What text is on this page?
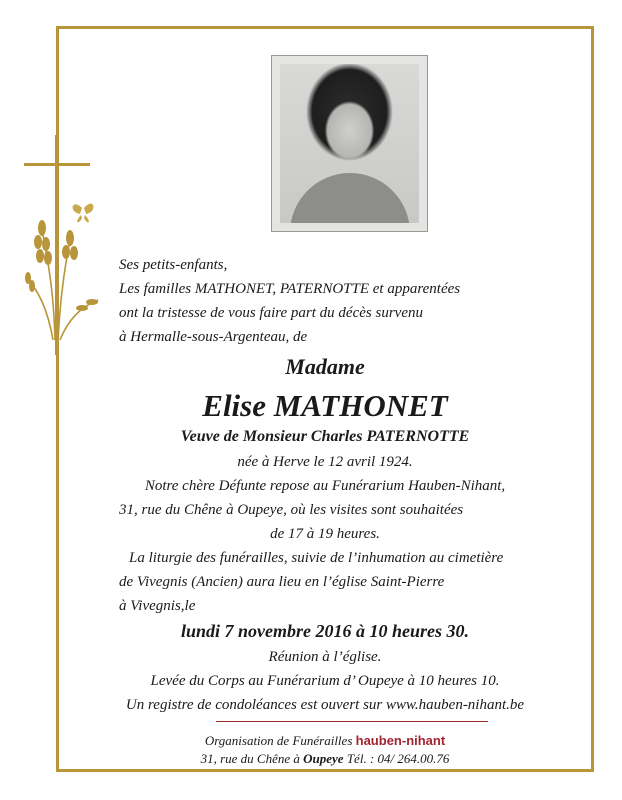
Ses petits-enfants,
Les familles MATHONET, PATERNOTTE et apparentées
ont la tristesse de vous faire part du décès survenu
à Hermalle-sous-Argenteau, de
Madame
Elise MATHONET
Veuve de Monsieur Charles PATERNOTTE
née à Herve le 12 avril 1924.
Notre chère Défunte repose au Funérarium Hauben-Nihant,
31, rue du Chêne à Oupeye, où les visites sont souhaitées
de 17 à 19 heures.
La liturgie des funérailles, suivie de l’inhumation au cimetière
de Vivegnis (Ancien) aura lieu en l’église Saint-Pierre
à Vivegnis,le
lundi 7 novembre 2016 à 10 heures 30.
Réunion à l’église.
Levée du Corps au Funérarium d’ Oupeye à 10 heures 10.
Un registre de condoléances est ouvert sur www.hauben-nihant.be
Organisation de Funérailles hauben-nihant
31, rue du Chêne à Oupeye Tél. : 04/ 264.00.76
